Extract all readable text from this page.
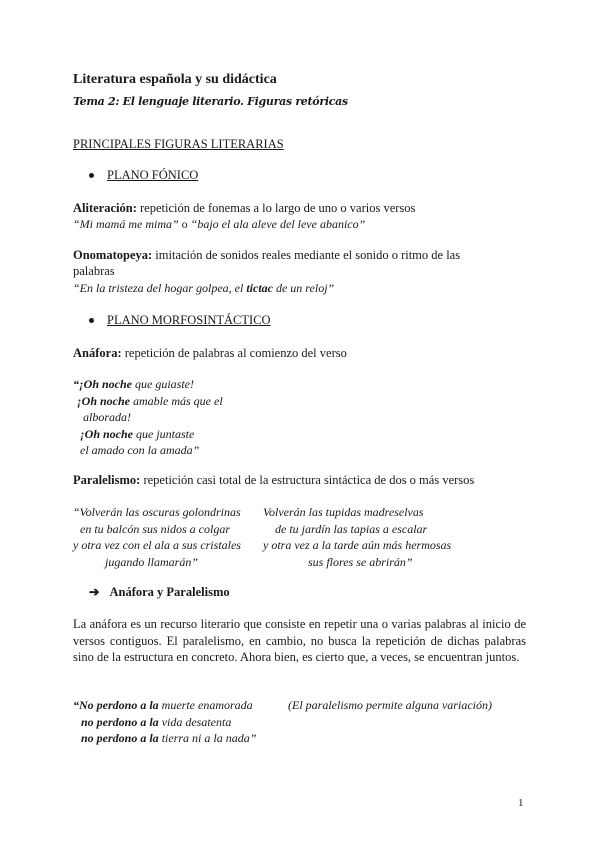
Literatura española y su didáctica
Tema 2: El lenguaje literario. Figuras retóricas
PRINCIPALES FIGURAS LITERARIAS
PLANO FÓNICO
Aliteración: repetición de fonemas a lo largo de uno o varios versos
“Mi mamá me mima” o “bajo el ala aleve del leve abanico”
Onomatopeya: imitación de sonidos reales mediante el sonido o ritmo de las
palabras
“En la tristeza del hogar golpea, el tictac de un reloj”
PLANO MORFOSINTÁCTICO
Anáfora: repetición de palabras al comienzo del verso
“¡Oh noche que guiaste!
¡Oh noche amable más que el
alborada!
¡Oh noche que juntaste
el amado con la amada”
Paralelismo: repetición casi total de la estructura sintáctica de dos o más versos
“Volverán las oscuras golondrinas
en tu balcón sus nidos a colgar
y otra vez con el ala a sus cristales
jugando llamarán”
Volverán las tupidas madreselvas
de tu jardín las tapias a escalar
y otra vez a la tarde aún más hermosas
sus flores se abrirán”
➔ Anáfora y Paralelismo
La anáfora es un recurso literario que consiste en repetir una o varias palabras al inicio de versos contiguos. El paralelismo, en cambio, no busca la repetición de dichas palabras sino de la estructura en concreto. Ahora bien, es cierto que, a veces, se encuentran juntos.
“No perdono a la muerte enamorada
no perdono a la vida desatenta
no perdono a la tierra ni a la nada”
(El paralelismo permite alguna variación)
1
